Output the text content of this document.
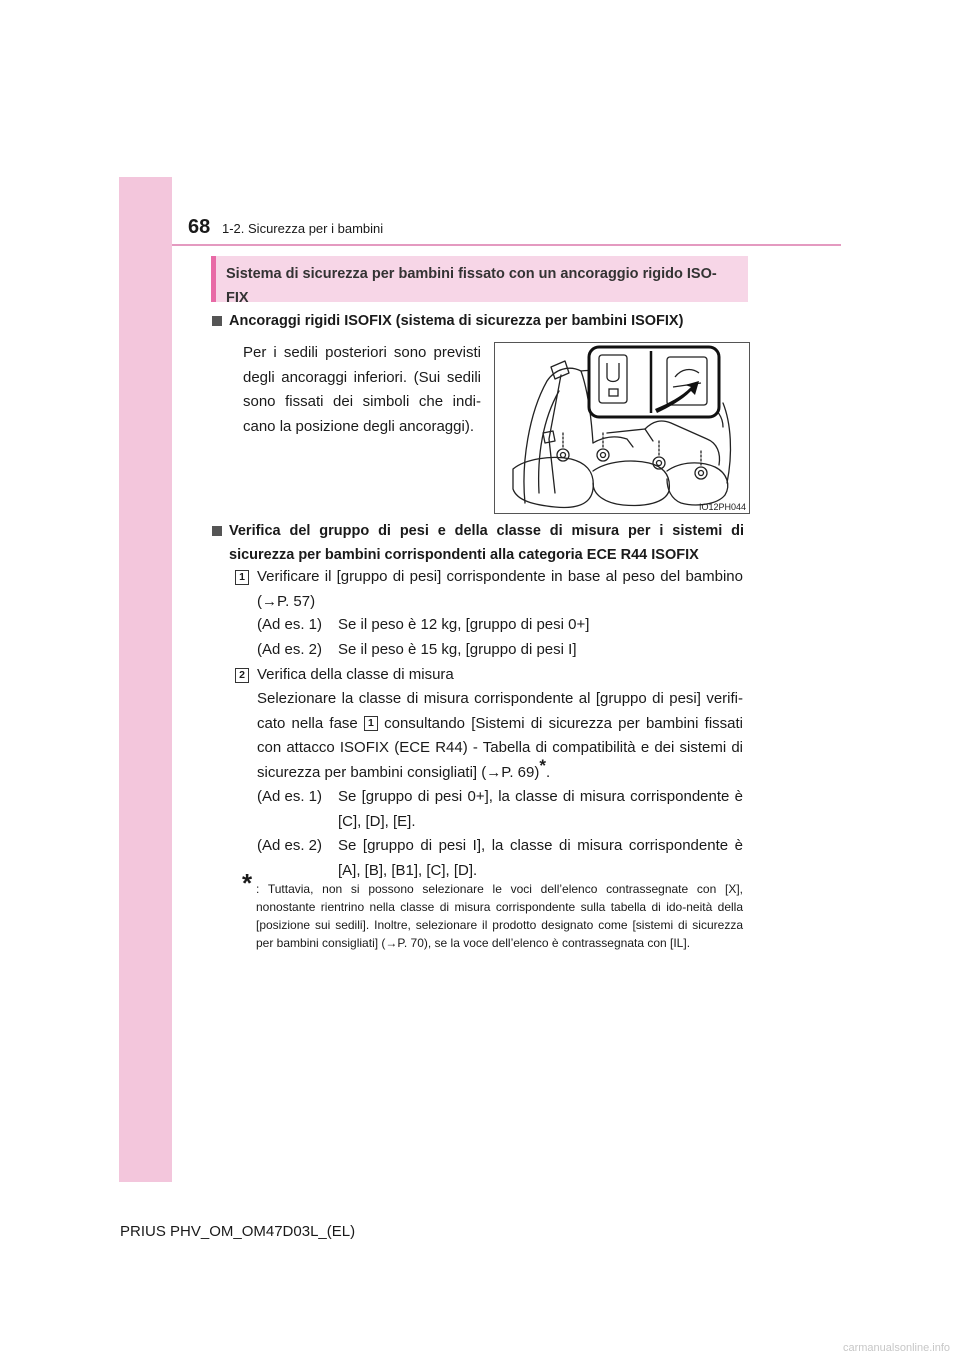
68 1-2. Sicurezza per i bambini
Sistema di sicurezza per bambini fissato con un ancoraggio rigido ISO-FIX
Ancoraggi rigidi ISOFIX (sistema di sicurezza per bambini ISOFIX)
Per i sedili posteriori sono previsti degli ancoraggi inferiori. (Sui sedili sono fissati dei simboli che indi-cano la posizione degli ancoraggi).
IO12PH044
Verifica del gruppo di pesi e della classe di misura per i sistemi di sicurezza per bambini corrispondenti alla categoria ECE R44 ISOFIX
1 Verificare il [gruppo di pesi] corrispondente in base al peso del bambino (→P. 57)
(Ad es. 1) Se il peso è 12 kg, [gruppo di pesi 0+]
(Ad es. 2) Se il peso è 15 kg, [gruppo di pesi I]
2 Verifica della classe di misura
Selezionare la classe di misura corrispondente al [gruppo di pesi] verifi-cato nella fase 1 consultando [Sistemi di sicurezza per bambini fissati con attacco ISOFIX (ECE R44) - Tabella di compatibilità e dei sistemi di sicurezza per bambini consigliati] (→P. 69)*.
(Ad es. 1) Se [gruppo di pesi 0+], la classe di misura corrispondente è [C], [D], [E].
(Ad es. 2) Se [gruppo di pesi I], la classe di misura corrispondente è [A], [B], [B1], [C], [D].
* : Tuttavia, non si possono selezionare le voci dell’elenco contrassegnate con [X], nonostante rientrino nella classe di misura corrispondente sulla tabella di ido-neità della [posizione sui sedili]. Inoltre, selezionare il prodotto designato come [sistemi di sicurezza per bambini consigliati] (→P. 70), se la voce dell’elenco è contrassegnata con [IL].
PRIUS PHV_OM_OM47D03L_(EL)
carmanualsonline.info
